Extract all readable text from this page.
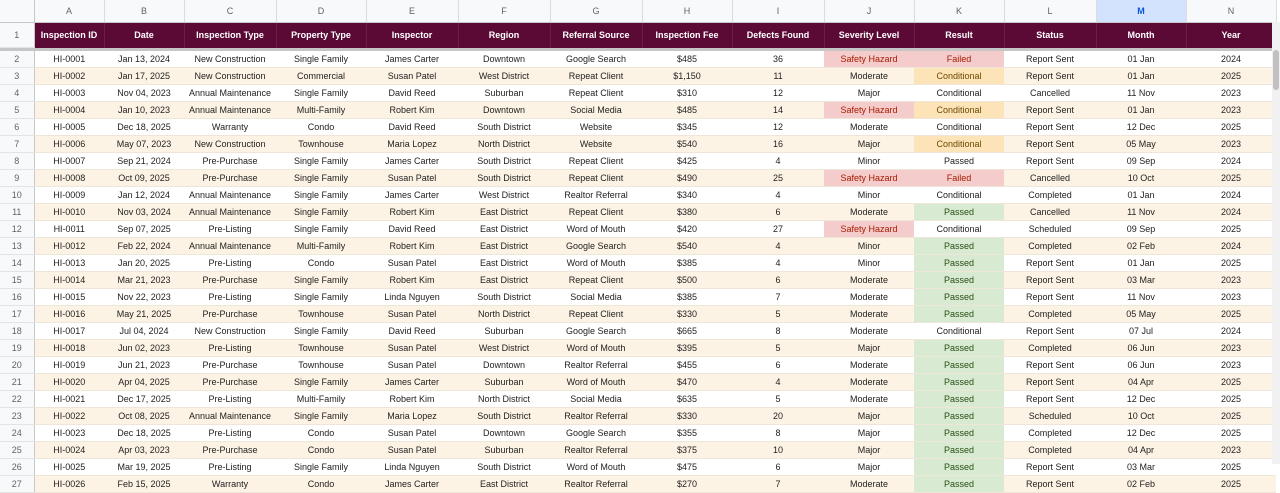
	A	B	C	D	E	F	G	H	I	J	K	L	M	N
1	Inspection ID	Date	Inspection Type	Property Type	Inspector	Region	Referral Source	Inspection Fee	Defects Found	Severity Level	Result	Status	Month	Year

2	HI-0001	Jan 13, 2024	New Construction	Single Family	James Carter	Downtown	Google Search	$485	36	Safety Hazard	Failed	Report Sent	01 Jan	2024
3	HI-0002	Jan 17, 2025	New Construction	Commercial	Susan Patel	West District	Repeat Client	$1,150	11	Moderate	Conditional	Report Sent	01 Jan	2025
4	HI-0003	Nov 04, 2023	Annual Maintenance	Single Family	David Reed	Suburban	Repeat Client	$310	12	Major	Conditional	Cancelled	11 Nov	2023
5	HI-0004	Jan 10, 2023	Annual Maintenance	Multi-Family	Robert Kim	Downtown	Social Media	$485	14	Safety Hazard	Conditional	Report Sent	01 Jan	2023
6	HI-0005	Dec 18, 2025	Warranty	Condo	David Reed	South District	Website	$345	12	Moderate	Conditional	Report Sent	12 Dec	2025
7	HI-0006	May 07, 2023	New Construction	Townhouse	Maria Lopez	North District	Website	$540	16	Major	Conditional	Report Sent	05 May	2023
8	HI-0007	Sep 21, 2024	Pre-Purchase	Single Family	James Carter	South District	Repeat Client	$425	4	Minor	Passed	Report Sent	09 Sep	2024
9	HI-0008	Oct 09, 2025	Pre-Purchase	Single Family	Susan Patel	South District	Repeat Client	$490	25	Safety Hazard	Failed	Cancelled	10 Oct	2025
10	HI-0009	Jan 12, 2024	Annual Maintenance	Single Family	James Carter	West District	Realtor Referral	$340	4	Minor	Conditional	Completed	01 Jan	2024
11	HI-0010	Nov 03, 2024	Annual Maintenance	Single Family	Robert Kim	East District	Repeat Client	$380	6	Moderate	Passed	Cancelled	11 Nov	2024
12	HI-0011	Sep 07, 2025	Pre-Listing	Single Family	David Reed	East District	Word of Mouth	$420	27	Safety Hazard	Conditional	Scheduled	09 Sep	2025
13	HI-0012	Feb 22, 2024	Annual Maintenance	Multi-Family	Robert Kim	East District	Google Search	$540	4	Minor	Passed	Completed	02 Feb	2024
14	HI-0013	Jan 20, 2025	Pre-Listing	Condo	Susan Patel	East District	Word of Mouth	$385	4	Minor	Passed	Report Sent	01 Jan	2025
15	HI-0014	Mar 21, 2023	Pre-Purchase	Single Family	Robert Kim	East District	Repeat Client	$500	6	Moderate	Passed	Report Sent	03 Mar	2023
16	HI-0015	Nov 22, 2023	Pre-Listing	Single Family	Linda Nguyen	South District	Social Media	$385	7	Moderate	Passed	Report Sent	11 Nov	2023
17	HI-0016	May 21, 2025	Pre-Purchase	Townhouse	Susan Patel	North District	Repeat Client	$330	5	Moderate	Passed	Completed	05 May	2025
18	HI-0017	Jul 04, 2024	New Construction	Single Family	David Reed	Suburban	Google Search	$665	8	Moderate	Conditional	Report Sent	07 Jul	2024
19	HI-0018	Jun 02, 2023	Pre-Listing	Townhouse	Susan Patel	West District	Word of Mouth	$395	5	Major	Passed	Completed	06 Jun	2023
20	HI-0019	Jun 21, 2023	Pre-Purchase	Townhouse	Susan Patel	Downtown	Realtor Referral	$455	6	Moderate	Passed	Report Sent	06 Jun	2023
21	HI-0020	Apr 04, 2025	Pre-Purchase	Single Family	James Carter	Suburban	Word of Mouth	$470	4	Moderate	Passed	Report Sent	04 Apr	2025
22	HI-0021	Dec 17, 2025	Pre-Listing	Multi-Family	Robert Kim	North District	Social Media	$635	5	Moderate	Passed	Report Sent	12 Dec	2025
23	HI-0022	Oct 08, 2025	Annual Maintenance	Single Family	Maria Lopez	South District	Realtor Referral	$330	20	Major	Passed	Scheduled	10 Oct	2025
24	HI-0023	Dec 18, 2025	Pre-Listing	Condo	Susan Patel	Downtown	Google Search	$355	8	Major	Passed	Completed	12 Dec	2025
25	HI-0024	Apr 03, 2023	Pre-Purchase	Condo	Susan Patel	Suburban	Realtor Referral	$375	10	Major	Passed	Completed	04 Apr	2023
26	HI-0025	Mar 19, 2025	Pre-Listing	Single Family	Linda Nguyen	South District	Word of Mouth	$475	6	Major	Passed	Report Sent	03 Mar	2025
27	HI-0026	Feb 15, 2025	Warranty	Condo	James Carter	East District	Realtor Referral	$270	7	Moderate	Passed	Report Sent	02 Feb	2025
